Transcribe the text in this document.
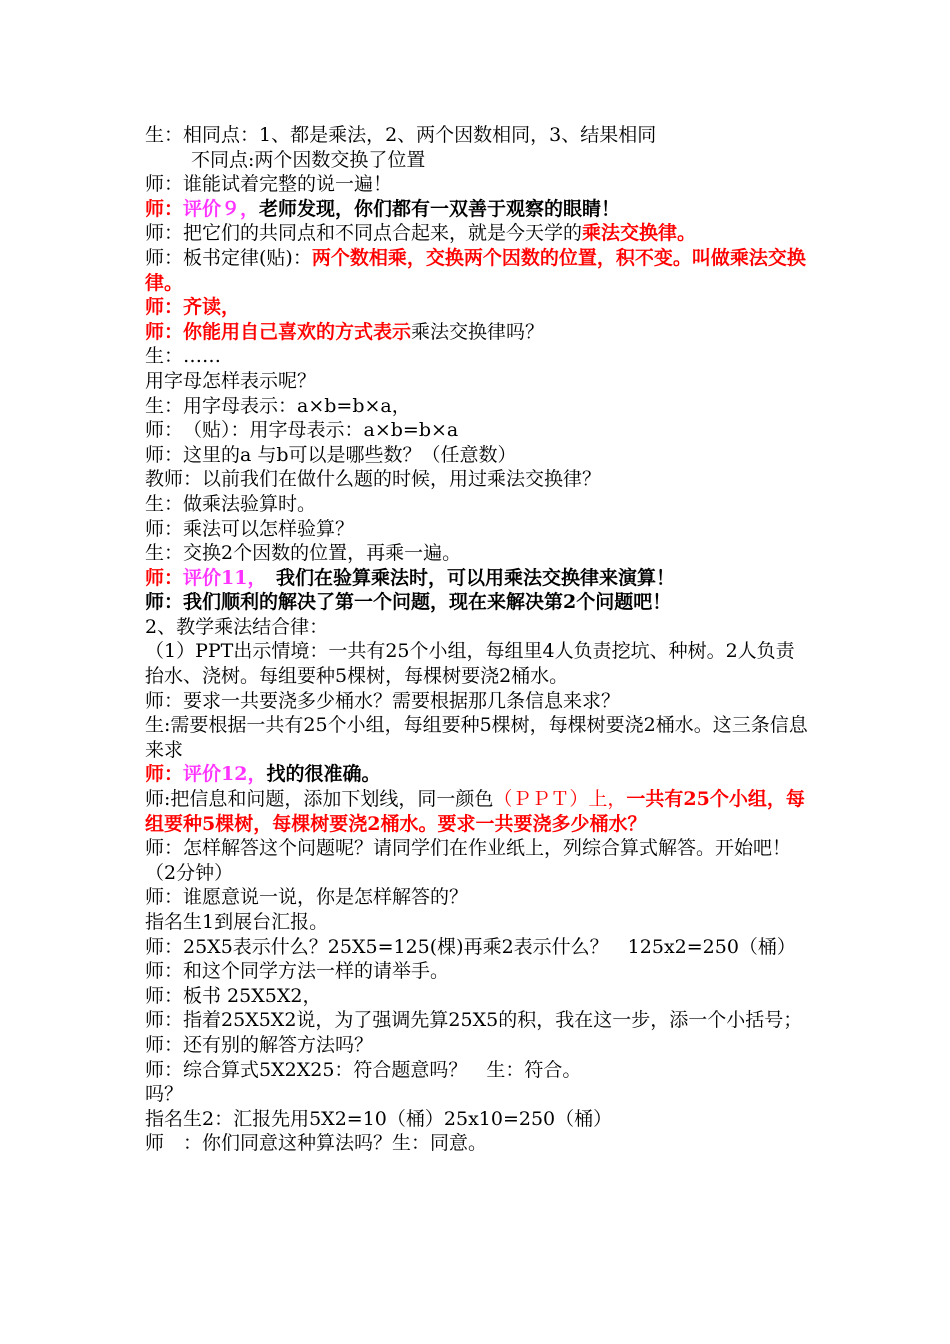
生：相同点：1、都是乘法，2、两个因数相同，3、结果相同
不同点:两个因数交换了位置
师：谁能试着完整的说一遍！
师：评价９，老师发现，你们都有一双善于观察的眼睛！
师：把它们的共同点和不同点合起来，就是今天学的乘法交换律。
师：板书定律(贴)：两个数相乘，交换两个因数的位置，积不变。叫做乘法交换律。
师：齐读，
师：你能用自己喜欢的方式表示乘法交换律吗？
生：……
用字母怎样表示呢？
生：用字母表示：a×b=b×a，
师：　（贴）：用字母表示：a×b=b×a
师：这里的a 与b可以是哪些数？（任意数）
教师：以前我们在做什么题的时候，用过乘法交换律？
生：做乘法验算时。
师：乘法可以怎样验算？
生：交换2个因数的位置，再乘一遍。
师：评价11，　我们在验算乘法时，可以用乘法交换律来演算！
师：我们顺利的解决了第一个问题，现在来解决第2个问题吧！
2、教学乘法结合律：
（1）PPT出示情境：一共有25个小组，每组里4人负责挖坑、种树。2人负责抬水、浇树。每组要种5棵树，每棵树要浇2桶水。
师：要求一共要浇多少桶水？需要根据那几条信息来求？
生:需要根据一共有25个小组，每组要种5棵树，每棵树要浇2桶水。这三条信息来求
师：评价12，找的很准确。
师:把信息和问题，添加下划线，同一颜色（ＰＰＴ）上，一共有25个小组，每组要种5棵树，每棵树要浇2桶水。要求一共要浇多少桶水？
师：怎样解答这个问题呢？请同学们在作业纸上，列综合算式解答。开始吧！（2分钟）
师：谁愿意说一说，你是怎样解答的？
指名生1到展台汇报。
师：25X5表示什么？25X5=125(棵)再乘2表示什么？　125x2=250（桶）
师：和这个同学方法一样的请举手。
师：板书 25X5X2，
师：指着25X5X2说，为了强调先算25X5的积，我在这一步，添一个小括号；
师：还有别的解答方法吗？
师：综合算式5X2X25：符合题意吗？　生：符合。
吗？
指名生2：汇报先用5X2=10（桶）25x10=250（桶）
师　：你们同意这种算法吗？生：同意。
